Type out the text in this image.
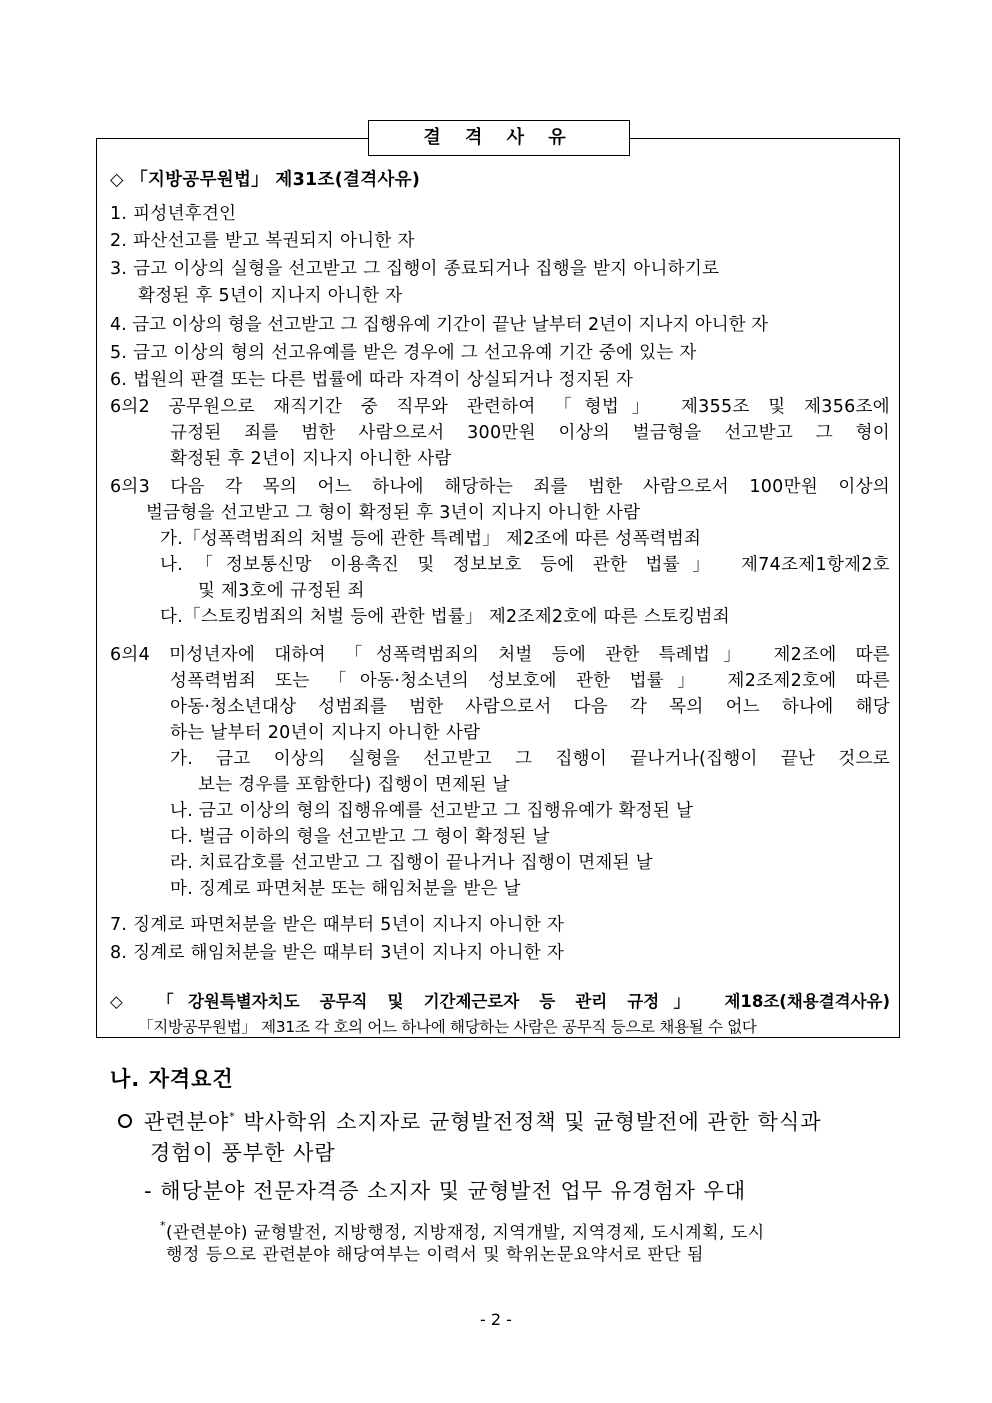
결 격 사 유
◇ 「지방공무원법」 제31조(결격사유)
1. 피성년후견인
2. 파산선고를 받고 복권되지 아니한 자
3. 금고 이상의 실형을 선고받고 그 집행이 종료되거나 집행을 받지 아니하기로
확정된 후 5년이 지나지 아니한 자
4. 금고 이상의 형을 선고받고 그 집행유예 기간이 끝난 날부터 2년이 지나지 아니한 자
5. 금고 이상의 형의 선고유예를 받은 경우에 그 선고유예 기간 중에 있는 자
6. 법원의 판결 또는 다른 법률에 따라 자격이 상실되거나 정지된 자
6의2 공무원으로 재직기간 중 직무와 관련하여 「형법」 제355조 및 제356조에
규정된 죄를 범한 사람으로서 300만원 이상의 벌금형을 선고받고 그 형이
확정된 후 2년이 지나지 아니한 사람
6의3 다음 각 목의 어느 하나에 해당하는 죄를 범한 사람으로서 100만원 이상의
벌금형을 선고받고 그 형이 확정된 후 3년이 지나지 아니한 사람
가.「성폭력범죄의 처벌 등에 관한 특례법」 제2조에 따른 성폭력범죄
나.「정보통신망 이용촉진 및 정보보호 등에 관한 법률」 제74조제1항제2호
및 제3호에 규정된 죄
다.「스토킹범죄의 처벌 등에 관한 법률」 제2조제2호에 따른 스토킹범죄
6의4 미성년자에 대하여 「성폭력범죄의 처벌 등에 관한 특례법」 제2조에 따른
성폭력범죄 또는 「아동·청소년의 성보호에 관한 법률」 제2조제2호에 따른
아동·청소년대상 성범죄를 범한 사람으로서 다음 각 목의 어느 하나에 해당
하는 날부터 20년이 지나지 아니한 사람
가. 금고 이상의 실형을 선고받고 그 집행이 끝나거나(집행이 끝난 것으로
보는 경우를 포함한다) 집행이 면제된 날
나. 금고 이상의 형의 집행유예를 선고받고 그 집행유예가 확정된 날
다. 벌금 이하의 형을 선고받고 그 형이 확정된 날
라. 치료감호를 선고받고 그 집행이 끝나거나 집행이 면제된 날
마. 징계로 파면처분 또는 해임처분을 받은 날
7. 징계로 파면처분을 받은 때부터 5년이 지나지 아니한 자
8. 징계로 해임처분을 받은 때부터 3년이 지나지 아니한 자
◇ 「강원특별자치도 공무직 및 기간제근로자 등 관리 규정」 제18조(채용결격사유)
「지방공무원법」 제31조 각 호의 어느 하나에 해당하는 사람은 공무직 등으로 채용될 수 없다
나. 자격요건
관련분야* 박사학위 소지자로 균형발전정책 및 균형발전에 관한 학식과
경험이 풍부한 사람
- 해당분야 전문자격증 소지자 및 균형발전 업무 유경험자 우대
*(관련분야) 균형발전, 지방행정, 지방재정, 지역개발, 지역경제, 도시계획, 도시
행정 등으로 관련분야 해당여부는 이력서 및 학위논문요약서로 판단 됨
- 2 -
